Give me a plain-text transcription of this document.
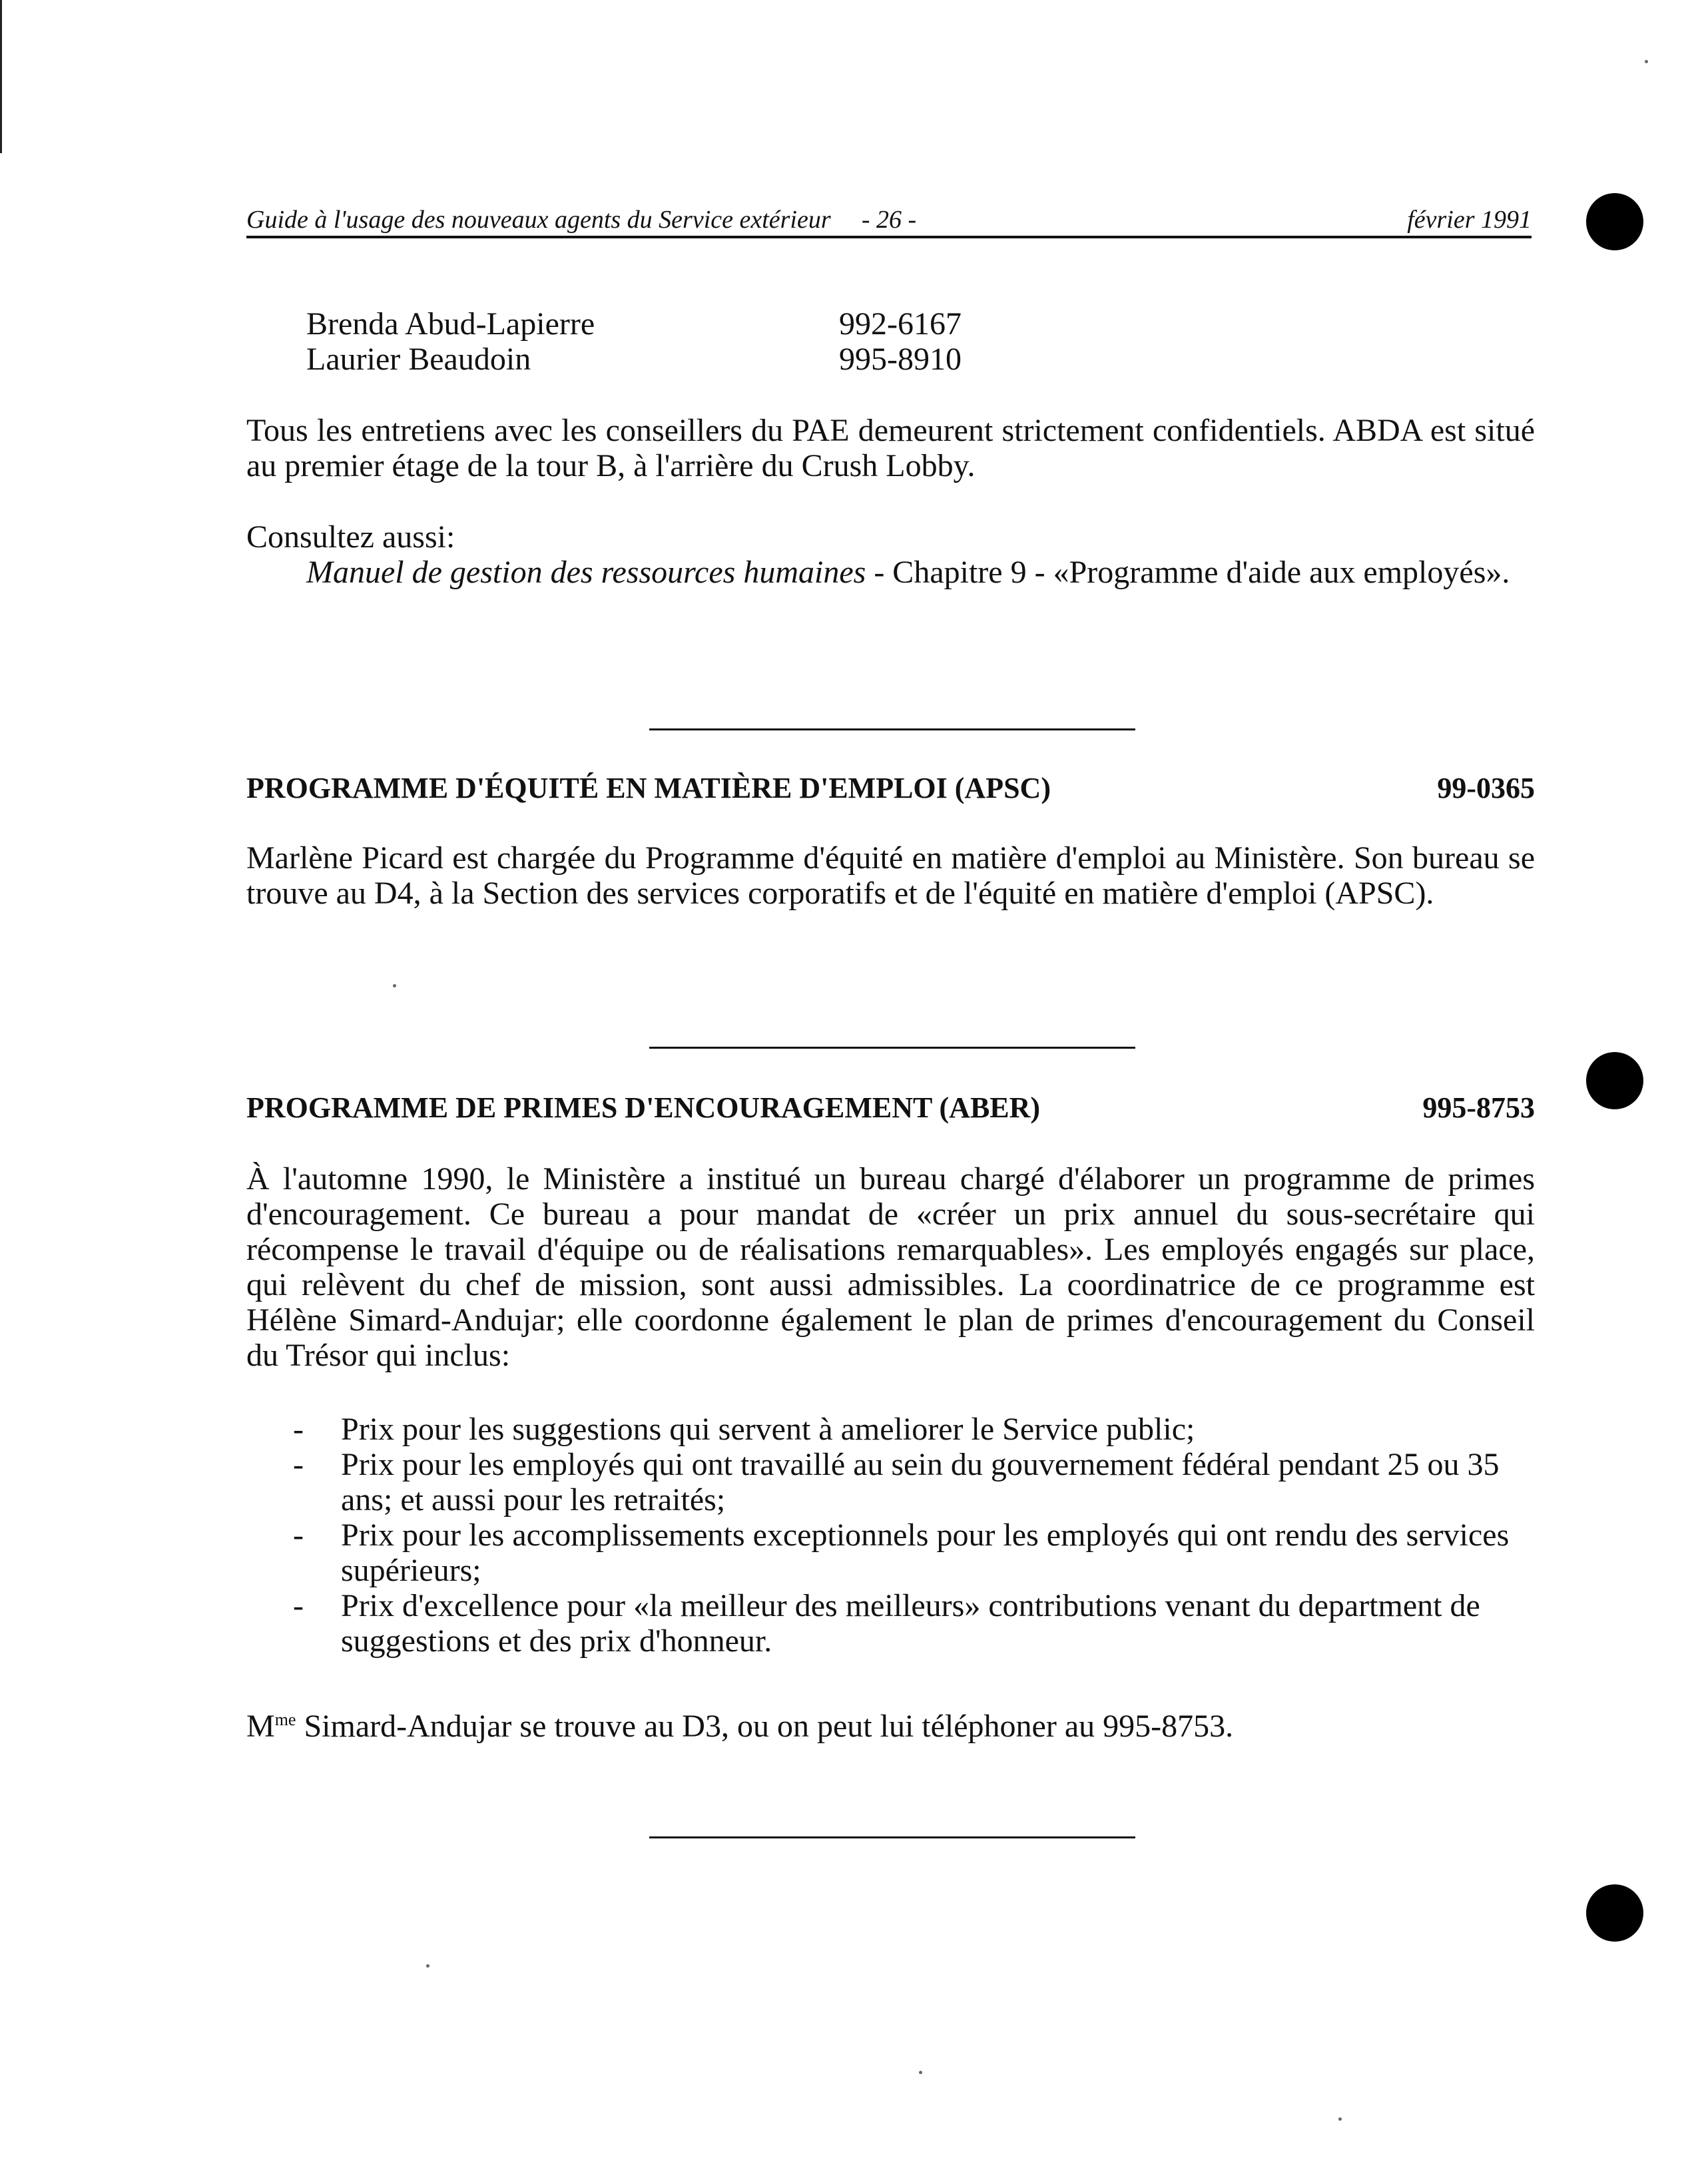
Guide à l'usage des nouveaux agents du Service extérieur	- 26 -	février 1991
Brenda Abud-Lapierre	992-6167
Laurier Beaudoin	995-8910
Tous les entretiens avec les conseillers du PAE demeurent strictement confidentiels. ABDA est situé au premier étage de la tour B, à l'arrière du Crush Lobby.
Consultez aussi:
Manuel de gestion des ressources humaines - Chapitre 9 - «Programme d'aide aux employés».
PROGRAMME D'ÉQUITÉ EN MATIÈRE D'EMPLOI (APSC)	99-0365
Marlène Picard est chargée du Programme d'équité en matière d'emploi au Ministère. Son bureau se trouve au D4, à la Section des services corporatifs et de l'équité en matière d'emploi (APSC).
PROGRAMME DE PRIMES D'ENCOURAGEMENT (ABER)	995-8753
À l'automne 1990, le Ministère a institué un bureau chargé d'élaborer un programme de primes d'encouragement. Ce bureau a pour mandat de «créer un prix annuel du sous-secrétaire qui récompense le travail d'équipe ou de réalisations remarquables». Les employés engagés sur place, qui relèvent du chef de mission, sont aussi admissibles. La coordinatrice de ce programme est Hélène Simard-Andujar; elle coordonne également le plan de primes d'encouragement du Conseil du Trésor qui inclus:
- Prix pour les suggestions qui servent à ameliorer le Service public;
- Prix pour les employés qui ont travaillé au sein du gouvernement fédéral pendant 25 ou 35 ans; et aussi pour les retraités;
- Prix pour les accomplissements exceptionnels pour les employés qui ont rendu des services supérieurs;
- Prix d'excellence pour «la meilleur des meilleurs» contributions venant du department de suggestions et des prix d'honneur.
$M^{me}$ Simard-Andujar se trouve au D3, ou on peut lui téléphoner au 995-8753.
